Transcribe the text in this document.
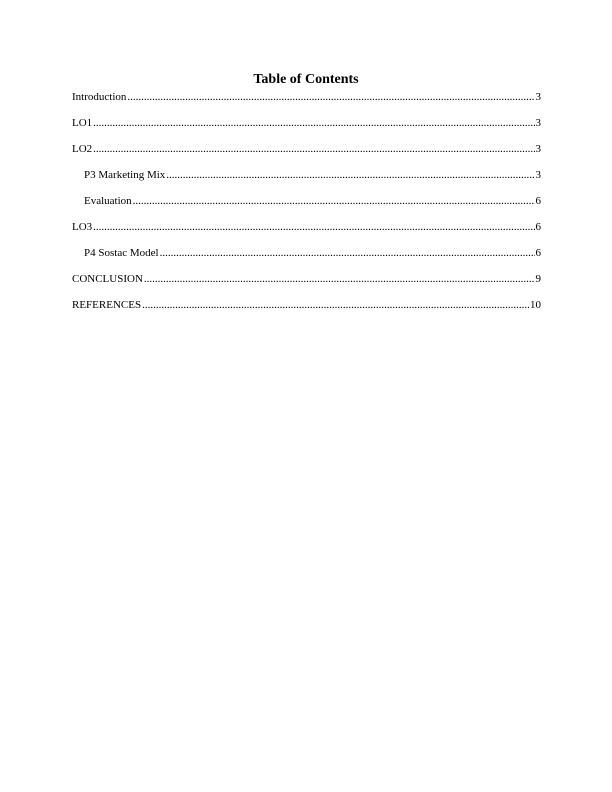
Table of Contents
Introduction .....	3
LO1 .....	3
LO2 .....	3
P3 Marketing Mix .....	3
Evaluation .....	6
LO3 .....	6
P4 Sostac Model .....	6
CONCLUSION .....	9
REFERENCES .....	10
